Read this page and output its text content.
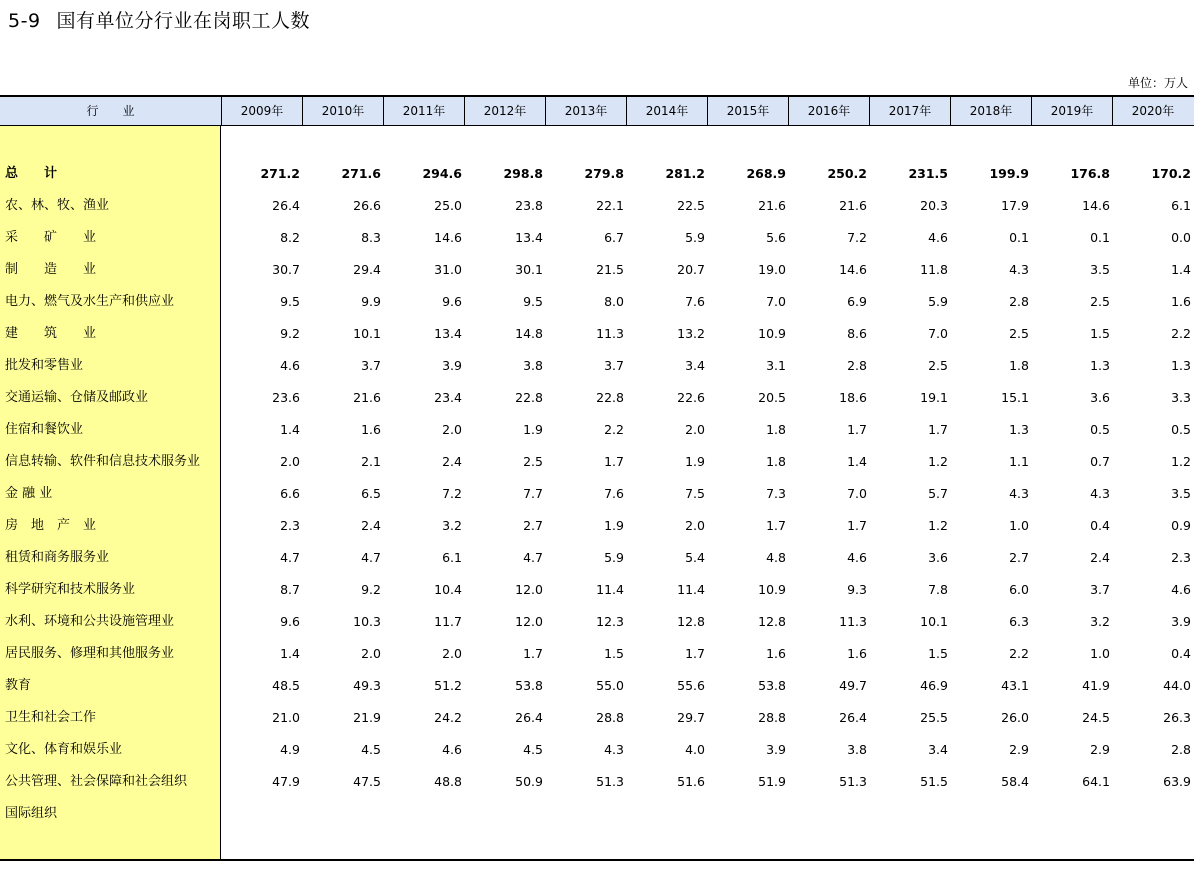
5-9 国有单位分行业在岗职工人数
单位：万人
行　　业	2009年	2010年	2011年	2012年	2013年	2014年	2015年	2016年	2017年	2018年	2019年	2020年
总　　计	271.2	271.6	294.6	298.8	279.8	281.2	268.9	250.2	231.5	199.9	176.8	170.2
农、林、牧、渔业	26.4	26.6	25.0	23.8	22.1	22.5	21.6	21.6	20.3	17.9	14.6	6.1
采　　矿　　业	8.2	8.3	14.6	13.4	6.7	5.9	5.6	7.2	4.6	0.1	0.1	0.0
制　　造　　业	30.7	29.4	31.0	30.1	21.5	20.7	19.0	14.6	11.8	4.3	3.5	1.4
电力、燃气及水生产和供应业	9.5	9.9	9.6	9.5	8.0	7.6	7.0	6.9	5.9	2.8	2.5	1.6
建　　筑　　业	9.2	10.1	13.4	14.8	11.3	13.2	10.9	8.6	7.0	2.5	1.5	2.2
批发和零售业	4.6	3.7	3.9	3.8	3.7	3.4	3.1	2.8	2.5	1.8	1.3	1.3
交通运输、仓储及邮政业	23.6	21.6	23.4	22.8	22.8	22.6	20.5	18.6	19.1	15.1	3.6	3.3
住宿和餐饮业	1.4	1.6	2.0	1.9	2.2	2.0	1.8	1.7	1.7	1.3	0.5	0.5
信息转输、软件和信息技术服务业	2.0	2.1	2.4	2.5	1.7	1.9	1.8	1.4	1.2	1.1	0.7	1.2
金 融 业	6.6	6.5	7.2	7.7	7.6	7.5	7.3	7.0	5.7	4.3	4.3	3.5
房　地　产　业	2.3	2.4	3.2	2.7	1.9	2.0	1.7	1.7	1.2	1.0	0.4	0.9
租赁和商务服务业	4.7	4.7	6.1	4.7	5.9	5.4	4.8	4.6	3.6	2.7	2.4	2.3
科学研究和技术服务业	8.7	9.2	10.4	12.0	11.4	11.4	10.9	9.3	7.8	6.0	3.7	4.6
水利、环境和公共设施管理业	9.6	10.3	11.7	12.0	12.3	12.8	12.8	11.3	10.1	6.3	3.2	3.9
居民服务、修理和其他服务业	1.4	2.0	2.0	1.7	1.5	1.7	1.6	1.6	1.5	2.2	1.0	0.4
教育	48.5	49.3	51.2	53.8	55.0	55.6	53.8	49.7	46.9	43.1	41.9	44.0
卫生和社会工作	21.0	21.9	24.2	26.4	28.8	29.7	28.8	26.4	25.5	26.0	24.5	26.3
文化、体育和娱乐业	4.9	4.5	4.6	4.5	4.3	4.0	3.9	3.8	3.4	2.9	2.9	2.8
公共管理、社会保障和社会组织	47.9	47.5	48.8	50.9	51.3	51.6	51.9	51.3	51.5	58.4	64.1	63.9
国际组织
